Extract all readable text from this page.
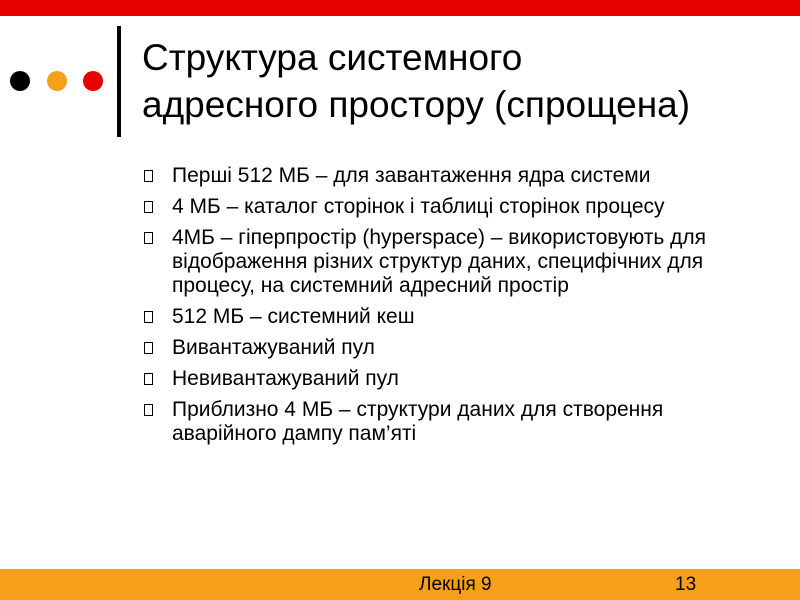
Структура системного
адресного простору (спрощена)
Перші 512 МБ – для завантаження ядра системи
4 МБ – каталог сторінок і таблиці сторінок процесу
4МБ – гіперпростір (hyperspace) – використовують для відображення різних структур даних, специфічних для процесу, на системний адресний простір
512 МБ – системний кеш
Вивантажуваний пул
Невивантажуваний пул
Приблизно 4 МБ – структури даних для створення аварійного дампу пам’яті
Лекція 9	13
